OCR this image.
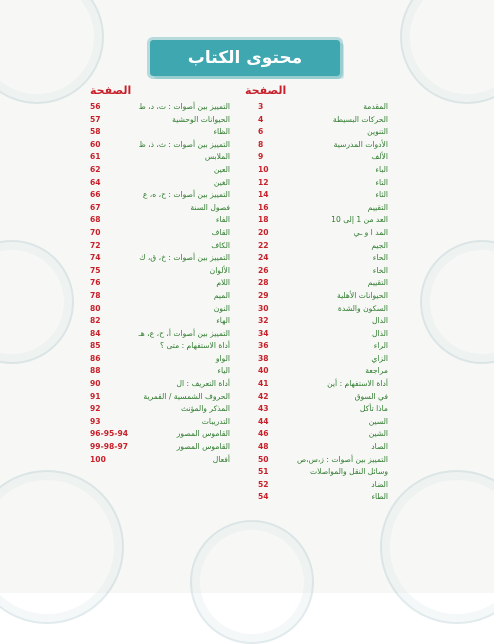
محتوى الكتاب
الصفحة	الصفحة
3	المقدمة
4	الحركات البسيطة
6	التنوين
8	الأدوات المدرسية
9	الألف
10	الباء
12	التاء
14	الثاء
16	التقييم
18	العد من 1 إلى 10
20	المد ا و ـي
22	الجيم
24	الحاء
26	الخاء
28	التقييم
29	الحيوانات الأهلية
30	السكون والشدة
32	الدال
34	الذال
36	الراء
38	الزاي
40	مراجعة
41	أداة الاستفهام : أين
42	في السوق
43	ماذا تأكل
44	السين
46	الشين
48	الصاد
50	التمييز بين أصوات : ز،س،ص
51	وسائل النقل والمواصلات
52	الضاد
54	الطاء
56	التمييز بين أصوات : ت، د، ط
57	الحيوانات الوحشية
58	الظاء
60	التمييز بين أصوات : ث، ذ، ظ
61	الملابس
62	العين
64	الغين
66	التمييز بين أصوات : ح، ه، ع
67	فصول السنة
68	الفاء
70	القاف
72	الكاف
74	التمييز بين أصوات : خ، ق، ك
75	الألوان
76	اللام
78	الميم
80	النون
82	الهاء
84	التمييز بين أصوات أ، ح، ع، هـ
85	أداة الاستفهام : متى ؟
86	الواو
88	الياء
90	أداة التعريف : ال
91	الحروف الشمسية / القمرية
92	المذكر والمؤنث
93	التدريبات
96-95-94	القاموس المصور
99-98-97	القاموس المصور
100	أفعال
